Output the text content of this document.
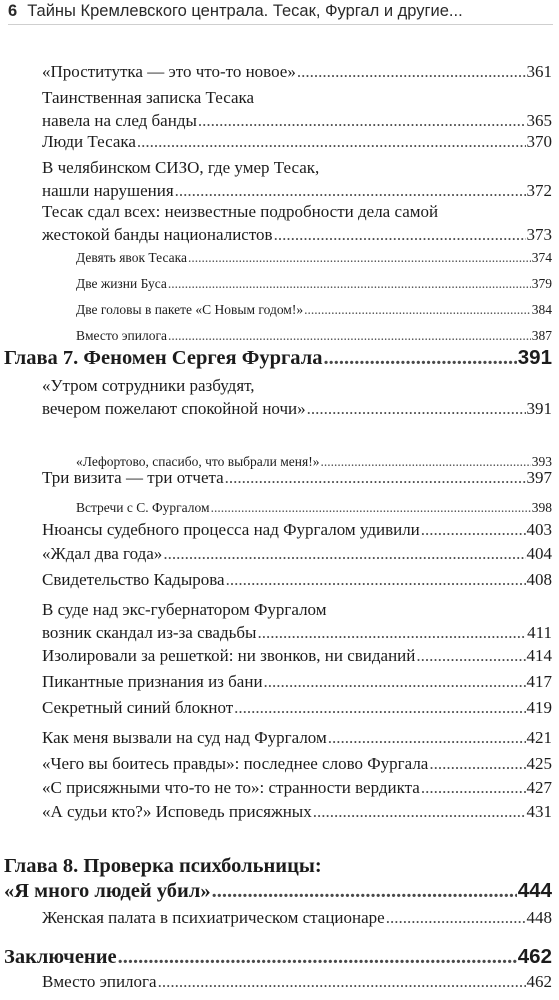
6 Тайны Кремлевского централа. Тесак, Фургал и другие...
«Проститутка — это что-то новое» .....	361
Таинственная записка Тесака
навела на след банды .....	365
Люди Тесака .....	370
В челябинском СИЗО, где умер Тесак,
нашли нарушения .....	372
Тесак сдал всех: неизвестные подробности дела самой
жестокой банды националистов .....	373
Девять явок Тесака .....	374
Две жизни Буса .....	379
Две головы в пакете «С Новым годом!» .....	384
Вместо эпилога .....	387
Глава 7. Феномен Сергея Фургала .....	391
«Утром сотрудники разбудят,
вечером пожелают спокойной ночи» .....	391
«Лефортово, спасибо, что выбрали меня!» .....	393
Три визита — три отчета .....	397
Встречи с С. Фургалом .....	398
Нюансы судебного процесса над Фургалом удивили .....	403
«Ждал два года» .....	404
Свидетельство Кадырова .....	408
В суде над экс-губернатором Фургалом
возник скандал из-за свадьбы .....	411
Изолировали за решеткой: ни звонков, ни свиданий .....	414
Пикантные признания из бани .....	417
Секретный синий блокнот .....	419
Как меня вызвали на суд над Фургалом .....	421
«Чего вы боитесь правды»: последнее слово Фургала .....	425
«С присяжными что-то не то»: странности вердикта .....	427
«А судьи кто?» Исповедь присяжных .....	431
Глава 8. Проверка психбольницы:
«Я много людей убил» .....	444
Женская палата в психиатрическом стационаре .....	448
Заключение .....	462
Вместо эпилога .....	462
